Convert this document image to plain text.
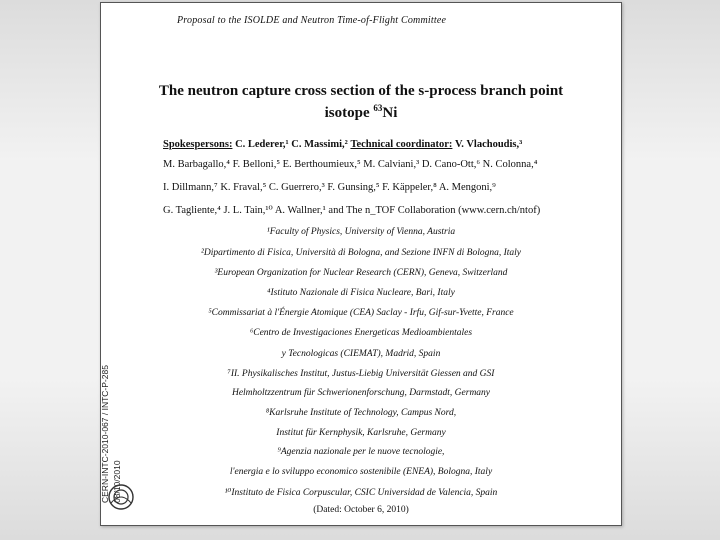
Proposal to the ISOLDE and Neutron Time-of-Flight Committee
The neutron capture cross section of the s-process branch point
isotope $^{63}$Ni
Spokespersons: C. Lederer,¹ C. Massimi,² Technical coordinator: V. Vlachoudis,³
M. Barbagallo,⁴ F. Belloni,⁵ E. Berthoumieux,⁵ M. Calviani,³ D. Cano-Ott,⁶ N. Colonna,⁴
I. Dillmann,⁷ K. Fraval,⁵ C. Guerrero,³ F. Gunsing,⁵ F. Käppeler,⁸ A. Mengoni,⁹
G. Tagliente,⁴ J. L. Tain,¹⁰ A. Wallner,¹ and The n_TOF Collaboration (www.cern.ch/ntof)
¹Faculty of Physics, University of Vienna, Austria
²Dipartimento di Fisica, Università di Bologna, and Sezione INFN di Bologna, Italy
³European Organization for Nuclear Research (CERN), Geneva, Switzerland
⁴Istituto Nazionale di Fisica Nucleare, Bari, Italy
⁵Commissariat à l'Énergie Atomique (CEA) Saclay - Irfu, Gif-sur-Yvette, France
⁶Centro de Investigaciones Energeticas Medioambientales
y Tecnologicas (CIEMAT), Madrid, Spain
⁷II. Physikalisches Institut, Justus-Liebig Universität Giessen and GSI
Helmholtzzentrum für Schwerionenforschung, Darmstadt, Germany
⁸Karlsruhe Institute of Technology, Campus Nord,
Institut für Kernphysik, Karlsruhe, Germany
⁹Agenzia nazionale per le nuove tecnologie,
l'energia e lo sviluppo economico sostenibile (ENEA), Bologna, Italy
¹⁰Instituto de Fisica Corpuscular, CSIC Universidad de Valencia, Spain
(Dated: October 6, 2010)
CERN-INTC-2010-067 / INTC-P-285 08/10/2010
